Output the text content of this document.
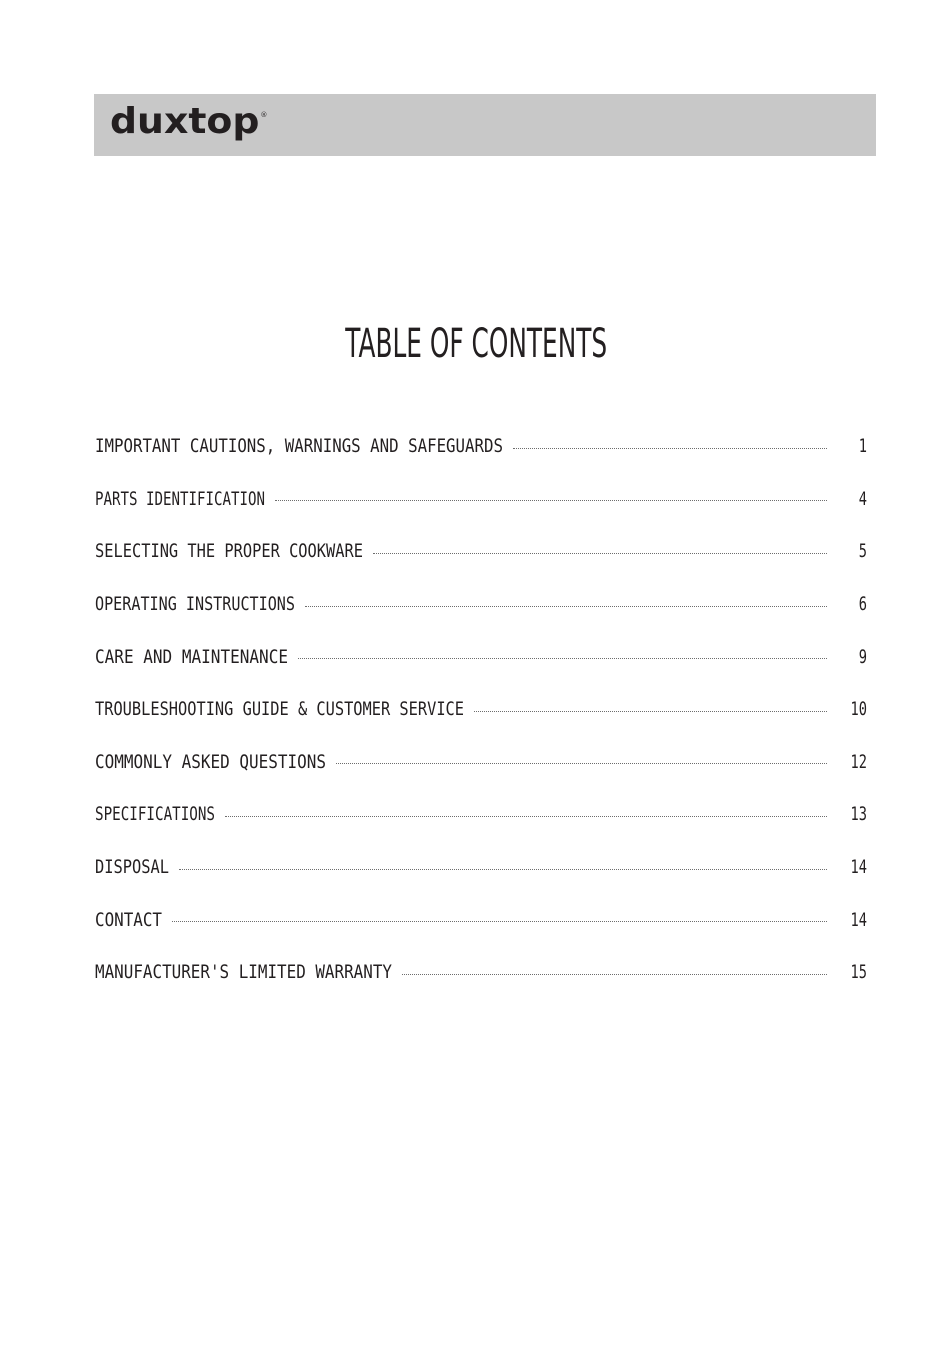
duxtop ®
TABLE OF CONTENTS
IMPORTANT CAUTIONS, WARNINGS AND SAFEGUARDS	1
PARTS IDENTIFICATION	4
SELECTING THE PROPER COOKWARE	5
OPERATING INSTRUCTIONS	6
CARE AND MAINTENANCE	9
TROUBLESHOOTING GUIDE & CUSTOMER SERVICE	10
COMMONLY ASKED QUESTIONS	12
SPECIFICATIONS	13
DISPOSAL	14
CONTACT	14
MANUFACTURER'S LIMITED WARRANTY	15
